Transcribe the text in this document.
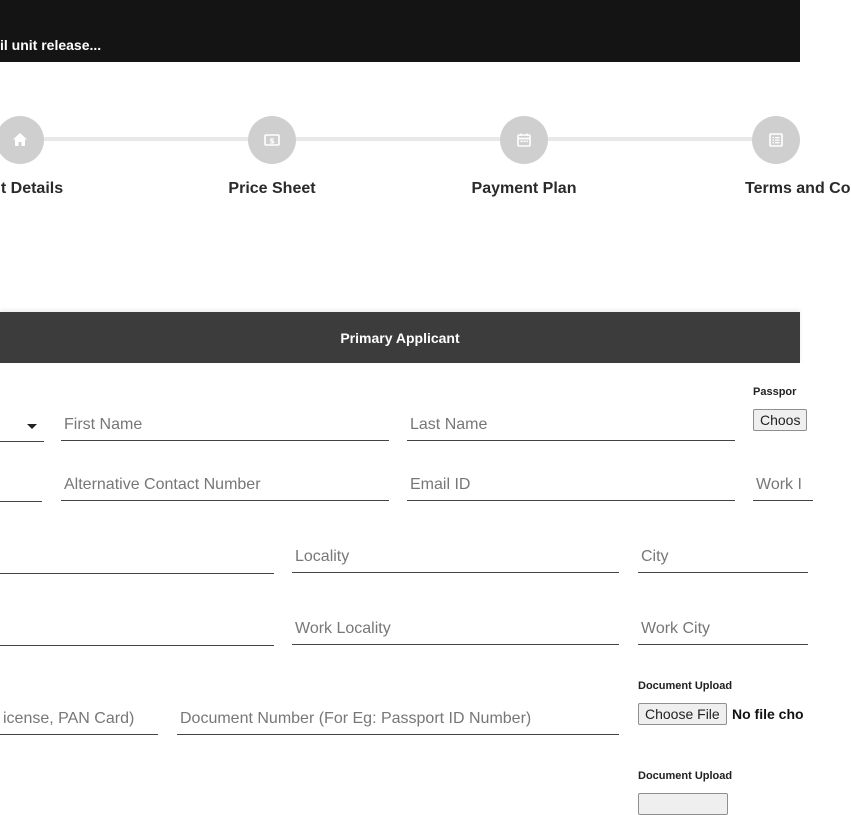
il unit release...
t Details
$
Price Sheet	Payment Plan	Terms and Co
Primary Applicant
First Name
Last Name
Passpor
Choos
Alternative Contact Number
Email ID
Work I
Locality
City
Work Locality
Work City
icense, PAN Card)
Document Number (For Eg: Passport ID Number)
Document Upload
Choose File No file cho
Document Upload
